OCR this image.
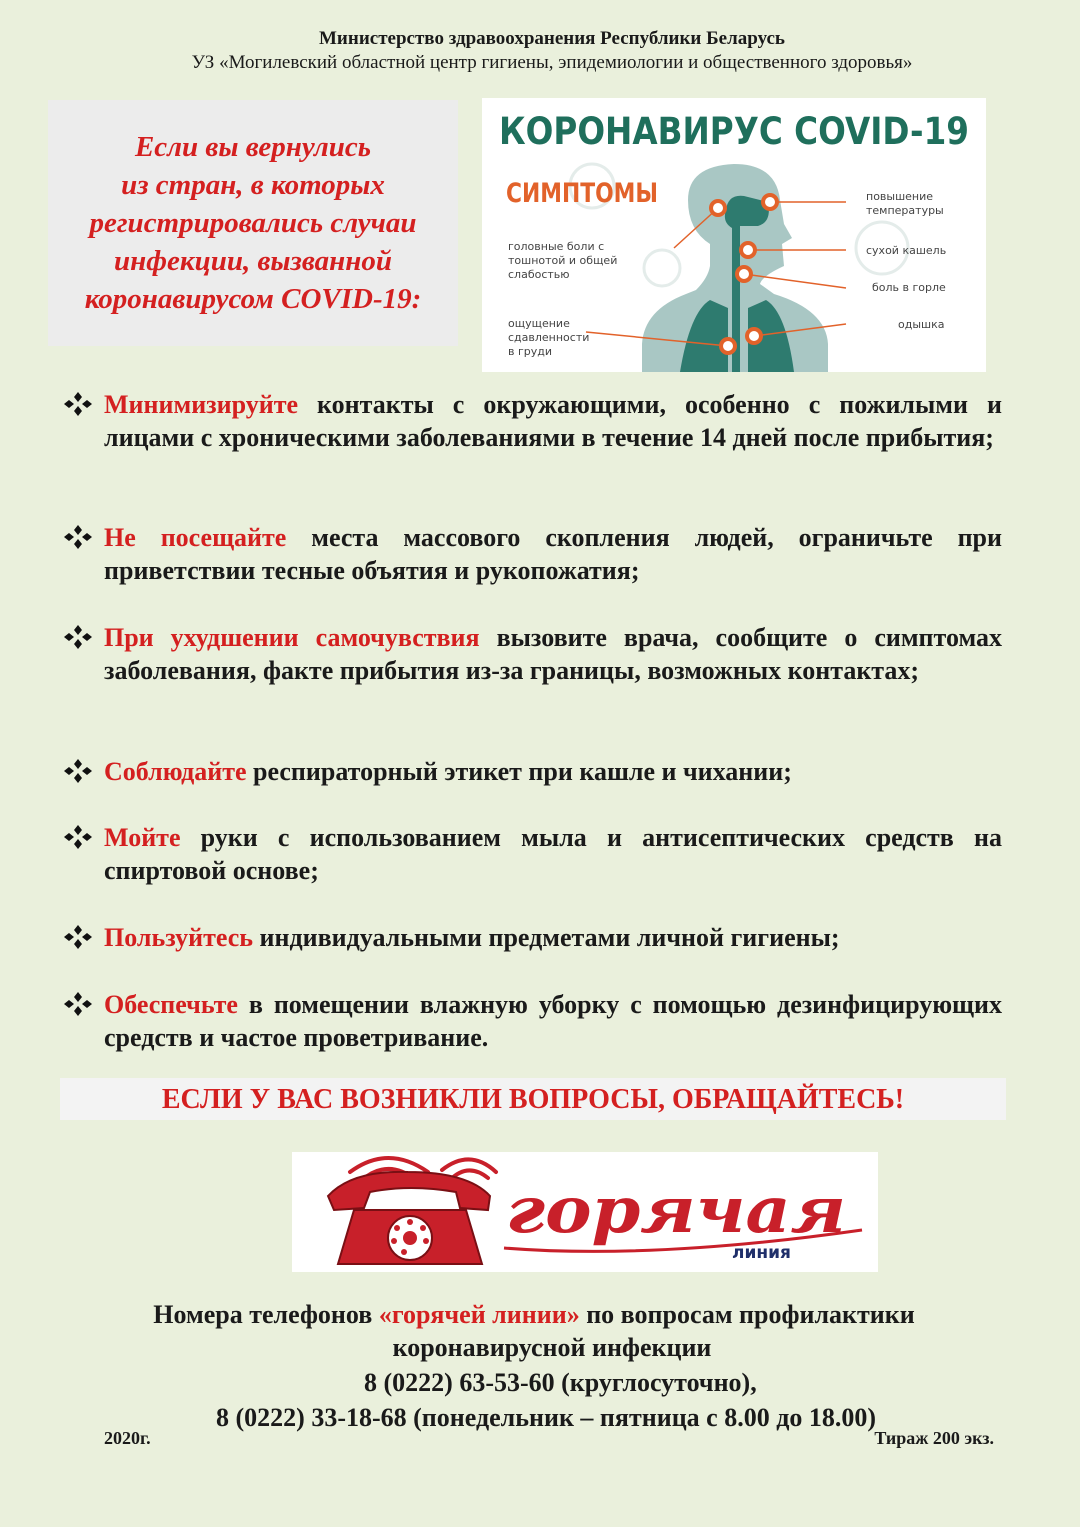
Министерство здравоохранения Республики Беларусь
УЗ «Могилевский областной центр гигиены, эпидемиологии и общественного здоровья»

Если вы вернулись
из стран, в которых
регистрировались случаи
инфекции, вызванной
коронавирусом COVID-19:

КОРОНАВИРУС COVID-19
СИМПТОМЫ
головные боли с тошнотой и общей слабостью
ощущение сдавленности в груди
повышение температуры
сухой кашель
боль в горле
одышка
Минимизируйте контакты с окружающими, особенно с пожилыми и лицами с хроническими заболеваниями в течение 14 дней после прибытия;
Не посещайте места массового скопления людей, ограничьте при приветствии тесные объятия и рукопожатия;
При ухудшении самочувствия вызовите врача, сообщите о симптомах заболевания, факте прибытия из-за границы, возможных контактах;
Соблюдайте респираторный этикет при кашле и чихании;
Мойте руки с использованием мыла и антисептических средств на спиртовой основе;
Пользуйтесь индивидуальными предметами личной гигиены;
Обеспечьте в помещении влажную уборку с помощью дезинфицирующих средств и частое проветривание.
ЕСЛИ У ВАС ВОЗНИКЛИ ВОПРОСЫ, ОБРАЩАЙТЕСЬ!
горячая
линия
Номера телефонов «горячей линии» по вопросам профилактики
коронавирусной инфекции
8 (0222) 63-53-60 (круглосуточно),
8 (0222) 33-18-68 (понедельник – пятница с 8.00 до 18.00)
2020г.	Тираж 200 экз.
